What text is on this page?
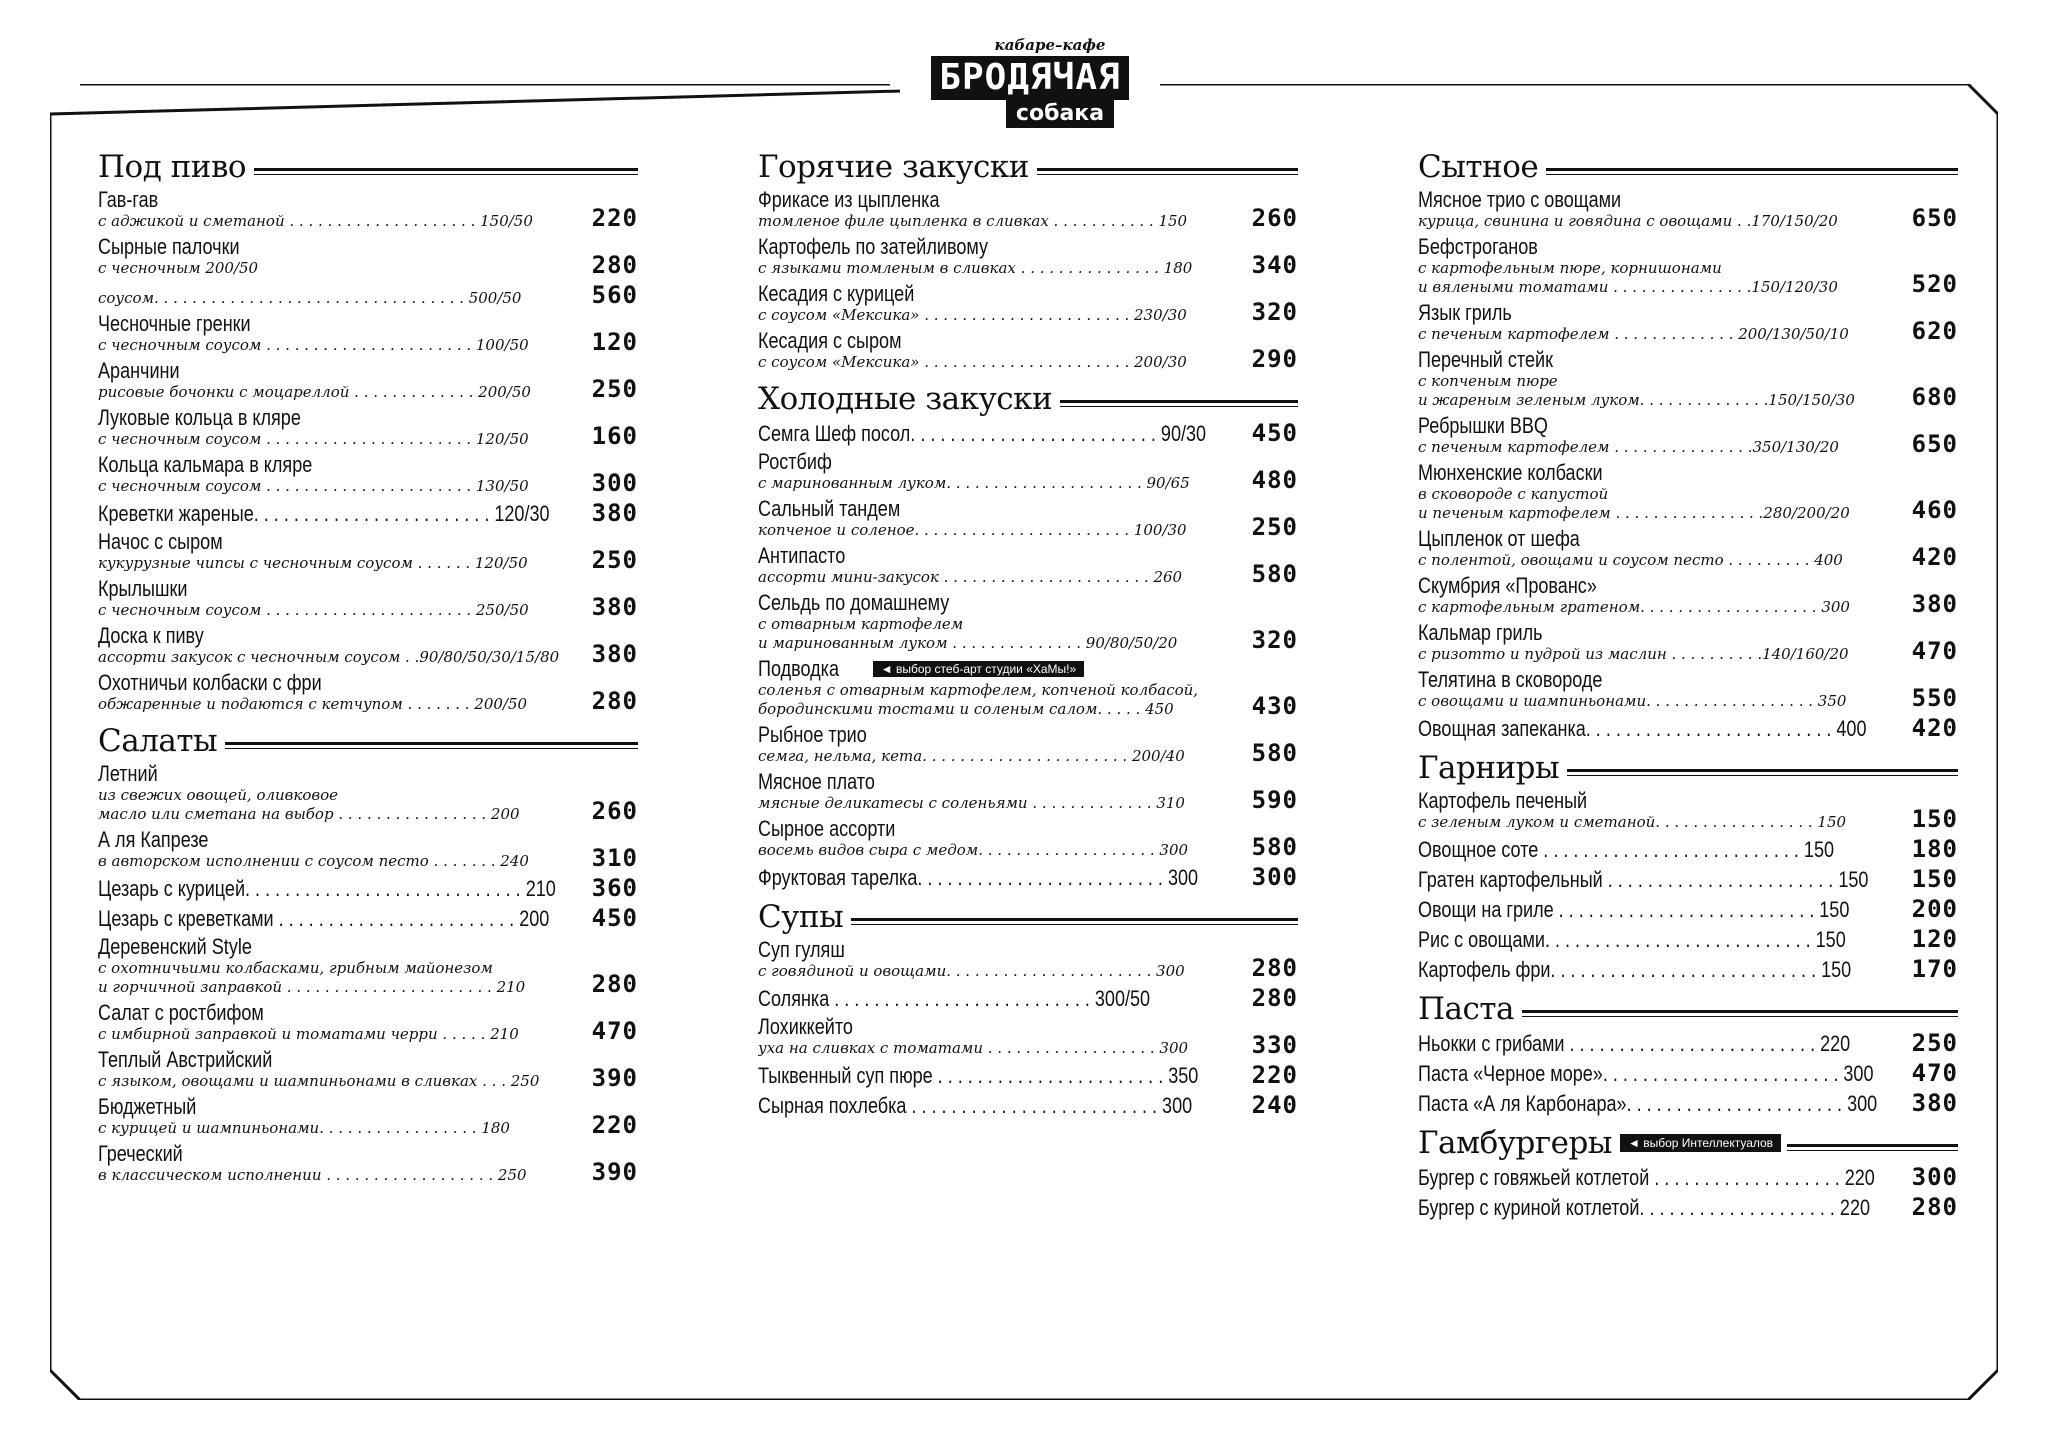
кабаре–кафе
БРОДЯЧАЯ
собака
Под пиво
Гав-гав
с аджикой и сметаной . . . . . . . . . . . . . . . . . . . . 150/50	220
Сырные палочки
с чесночным 200/50	280
соусом. . . . . . . . . . . . . . . . . . . . . . . . . . . . . . . . . 500/50	560
Чесночные гренки
с чесночным соусом . . . . . . . . . . . . . . . . . . . . . . 100/50	120
Аранчини
рисовые бочонки с моцареллой . . . . . . . . . . . . . 200/50	250
Луковые кольца в кляре
с чесночным соусом . . . . . . . . . . . . . . . . . . . . . . 120/50	160
Кольца кальмара в кляре
с чесночным соусом . . . . . . . . . . . . . . . . . . . . . . 130/50	300
Креветки жареные. . . . . . . . . . . . . . . . . . . . . . . . 120/30	380
Начос с сыром
кукурузные чипсы с чесночным соусом . . . . . . 120/50	250
Крылышки
с чесночным соусом . . . . . . . . . . . . . . . . . . . . . . 250/50	380
Доска к пиву
ассорти закусок с чесночным соусом . .90/80/50/30/15/80	380
Охотничьи колбаски с фри
обжаренные и подаются с кетчупом . . . . . . . 200/50	280
Салаты
Летний
из свежих овощей, оливковое
масло или сметана на выбор . . . . . . . . . . . . . . . . 200	260
А ля Капрезе
в авторском исполнении с соусом песто . . . . . . . 240	310
Цезарь с курицей. . . . . . . . . . . . . . . . . . . . . . . . . . . . 210	360
Цезарь с креветками . . . . . . . . . . . . . . . . . . . . . . . . 200	450
Деревенский Style
с охотничьими колбасками, грибным майонезом
и горчичной заправкой . . . . . . . . . . . . . . . . . . . . . . 210	280
Салат с ростбифом
с имбирной заправкой и томатами черри . . . . . 210	470
Теплый Австрийский
с языком, овощами и шампиньонами в сливках . . . 250	390
Бюджетный
с курицей и шампиньонами. . . . . . . . . . . . . . . . . 180	220
Греческий
в классическом исполнении . . . . . . . . . . . . . . . . . . 250	390
Горячие закуски
Фрикасе из цыпленка
томленое филе цыпленка в сливках . . . . . . . . . . . 150	260
Картофель по затейливому
с языками томленым в сливках . . . . . . . . . . . . . . . 180	340
Кесадия с курицей
с соусом «Мексика» . . . . . . . . . . . . . . . . . . . . . . 230/30	320
Кесадия с сыром
с соусом «Мексика» . . . . . . . . . . . . . . . . . . . . . . 200/30	290
Холодные закуски
Семга Шеф посол. . . . . . . . . . . . . . . . . . . . . . . . . 90/30	450
Ростбиф
с маринованным луком. . . . . . . . . . . . . . . . . . . . . 90/65	480
Сальный тандем
копченое и соленое. . . . . . . . . . . . . . . . . . . . . . . 100/30	250
Антипасто
ассорти мини-закусок . . . . . . . . . . . . . . . . . . . . . . 260	580
Сельдь по домашнему
с отварным картофелем
и маринованным луком . . . . . . . . . . . . . . 90/80/50/20	320
Подводка	◄ выбор стеб-арт студии «ХаМы!»
соленья с отварным картофелем, копченой колбасой,
бородинскими тостами и соленым салом. . . . . 450	430
Рыбное трио
семга, нельма, кета. . . . . . . . . . . . . . . . . . . . . . 200/40	580
Мясное плато
мясные деликатесы с соленьями . . . . . . . . . . . . . 310	590
Сырное ассорти
восемь видов сыра с медом. . . . . . . . . . . . . . . . . . . 300	580
Фруктовая тарелка. . . . . . . . . . . . . . . . . . . . . . . . . 300	300
Супы
Суп гуляш
с говядиной и овощами. . . . . . . . . . . . . . . . . . . . . . 300	280
Солянка . . . . . . . . . . . . . . . . . . . . . . . . . . 300/50	280
Лохиккейто
уха на сливках с томатами . . . . . . . . . . . . . . . . . . 300	330
Тыквенный суп пюре . . . . . . . . . . . . . . . . . . . . . . . 350	220
Сырная похлебка . . . . . . . . . . . . . . . . . . . . . . . . . 300	240
Сытное
Мясное трио с овощами
курица, свинина и говядина с овощами . .170/150/20	650
Бефстроганов
с картофельным пюре, корнишонами
и вялеными томатами . . . . . . . . . . . . . . .150/120/30	520
Язык гриль
с печеным картофелем . . . . . . . . . . . . . 200/130/50/10	620
Перечный стейк
с копченым пюре
и жареным зеленым луком. . . . . . . . . . . . . .150/150/30	680
Ребрышки BBQ
с печеным картофелем . . . . . . . . . . . . . . .350/130/20	650
Мюнхенские колбаски
в сковороде с капустой
и печеным картофелем . . . . . . . . . . . . . . . .280/200/20	460
Цыпленок от шефа
с полентой, овощами и соусом песто . . . . . . . . . 400	420
Скумбрия «Прованс»
с картофельным гратеном. . . . . . . . . . . . . . . . . . . 300	380
Кальмар гриль
с ризотто и пудрой из маслин . . . . . . . . . .140/160/20	470
Телятина в сковороде
с овощами и шампиньонами. . . . . . . . . . . . . . . . . . 350	550
Овощная запеканка. . . . . . . . . . . . . . . . . . . . . . . . . 400	420
Гарниры
Картофель печеный
с зеленым луком и сметаной. . . . . . . . . . . . . . . . . 150	150
Овощное соте . . . . . . . . . . . . . . . . . . . . . . . . . . 150	180
Гратен картофельный . . . . . . . . . . . . . . . . . . . . . . . 150	150
Овощи на гриле . . . . . . . . . . . . . . . . . . . . . . . . . . 150	200
Рис с овощами. . . . . . . . . . . . . . . . . . . . . . . . . . . 150	120
Картофель фри. . . . . . . . . . . . . . . . . . . . . . . . . . . 150	170
Паста
Ньокки с грибами . . . . . . . . . . . . . . . . . . . . . . . . . 220	250
Паста «Черное море». . . . . . . . . . . . . . . . . . . . . . . . 300	470
Паста «А ля Карбонара». . . . . . . . . . . . . . . . . . . . . . 300	380
Гамбургеры	◄ выбор Интеллектуалов
Бургер с говяжьей котлетой . . . . . . . . . . . . . . . . . . . 220	300
Бургер с куриной котлетой. . . . . . . . . . . . . . . . . . . . 220	280
